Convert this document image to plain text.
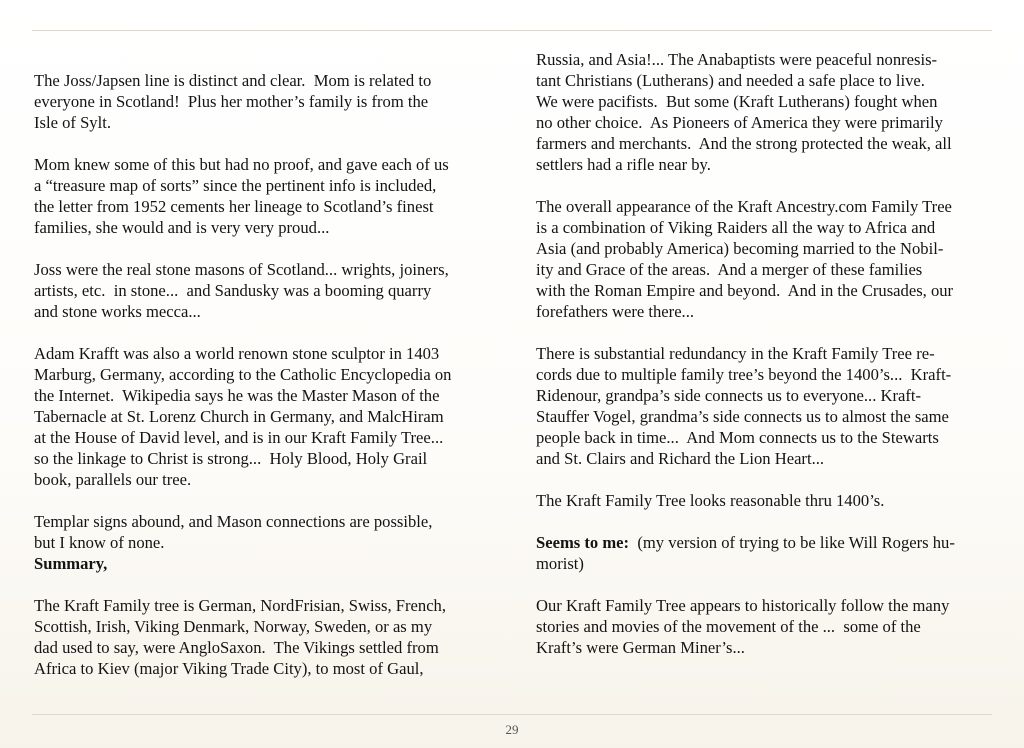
The Joss/Japsen line is distinct and clear.  Mom is related to
everyone in Scotland!  Plus her mother’s family is from the
Isle of Sylt.
Mom knew some of this but had no proof, and gave each of us
a “treasure map of sorts” since the pertinent info is included,
the letter from 1952 cements her lineage to Scotland’s finest
families, she would and is very very proud...
Joss were the real stone masons of Scotland... wrights, joiners,
artists, etc.  in stone...  and Sandusky was a booming quarry
and stone works mecca...
Adam Krafft was also a world renown stone sculptor in 1403
Marburg, Germany, according to the Catholic Encyclopedia on
the Internet.  Wikipedia says he was the Master Mason of the
Tabernacle at St. Lorenz Church in Germany, and MalcHiram
at the House of David level, and is in our Kraft Family Tree...
so the linkage to Christ is strong...  Holy Blood, Holy Grail
book, parallels our tree.
Templar signs abound, and Mason connections are possible,
but I know of none.
Summary,
The Kraft Family tree is German, NordFrisian, Swiss, French,
Scottish, Irish, Viking Denmark, Norway, Sweden, or as my
dad used to say, were AngloSaxon.  The Vikings settled from
Africa to Kiev (major Viking Trade City), to most of Gaul,
Russia, and Asia!... The Anabaptists were peaceful nonresis-
tant Christians (Lutherans) and needed a safe place to live.
We were pacifists.  But some (Kraft Lutherans) fought when
no other choice.  As Pioneers of America they were primarily
farmers and merchants.  And the strong protected the weak, all
settlers had a rifle near by.
The overall appearance of the Kraft Ancestry.com Family Tree
is a combination of Viking Raiders all the way to Africa and
Asia (and probably America) becoming married to the Nobil-
ity and Grace of the areas.  And a merger of these families
with the Roman Empire and beyond.  And in the Crusades, our
forefathers were there...
There is substantial redundancy in the Kraft Family Tree re-
cords due to multiple family tree’s beyond the 1400’s...  Kraft-
Ridenour, grandpa’s side connects us to everyone... Kraft-
Stauffer Vogel, grandma’s side connects us to almost the same
people back in time...  And Mom connects us to the Stewarts
and St. Clairs and Richard the Lion Heart...
The Kraft Family Tree looks reasonable thru 1400’s.
Seems to me:  (my version of trying to be like Will Rogers hu-
morist)
Our Kraft Family Tree appears to historically follow the many
stories and movies of the movement of the ...  some of the
Kraft’s were German Miner’s...
29
